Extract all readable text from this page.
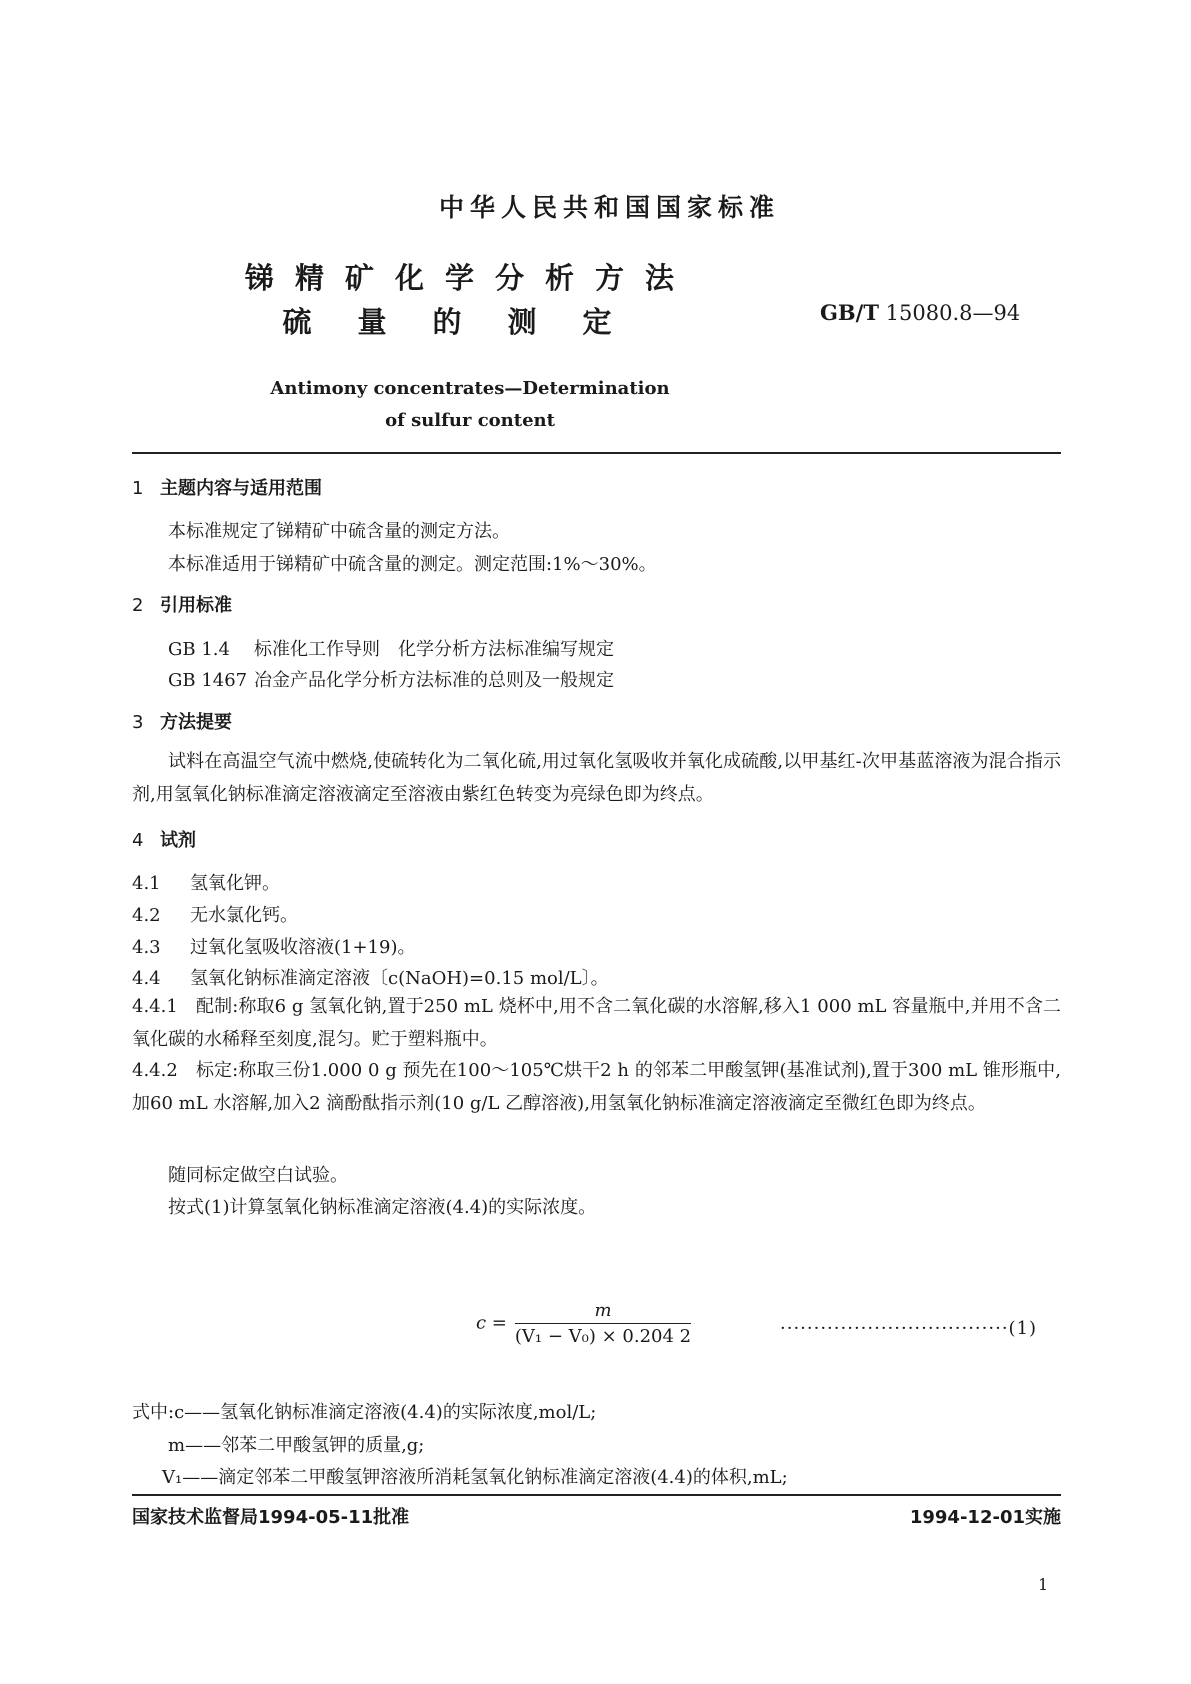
中华人民共和国国家标准
锑精矿化学分析方法
硫量的测定	GB/T 15080.8—94
Antimony concentrates—Determination
of sulfur content
1 主题内容与适用范围
本标准规定了锑精矿中硫含量的测定方法。
本标准适用于锑精矿中硫含量的测定。测定范围:1%～30%。
2 引用标准
GB 1.4 标准化工作导则　化学分析方法标准编写规定
GB 1467 冶金产品化学分析方法标准的总则及一般规定
3 方法提要

试料在高温空气流中燃烧,使硫转化为二氧化硫,用过氧化氢吸收并氧化成硫酸,以甲基红-次甲基蓝溶液为混合指示剂,用氢氧化钠标准滴定溶液滴定至溶液由紫红色转变为亮绿色即为终点。

4 试剂
4.1 氢氧化钾。
4.2 无水氯化钙。
4.3 过氧化氢吸收溶液(1+19)。
4.4 氢氧化钠标准滴定溶液〔c(NaOH)=0.15 mol/L〕。

4.4.1　配制:称取6 g 氢氧化钠,置于250 mL 烧杯中,用不含二氧化碳的水溶解,移入1 000 mL 容量瓶中,并用不含二氧化碳的水稀释至刻度,混匀。贮于塑料瓶中。

4.4.2　标定:称取三份1.000 0 g 预先在100～105℃烘干2 h 的邻苯二甲酸氢钾(基准试剂),置于300 mL 锥形瓶中,加60 mL 水溶解,加入2 滴酚酞指示剂(10 g/L 乙醇溶液),用氢氧化钠标准滴定溶液滴定至微红色即为终点。

随同标定做空白试验。
按式(1)计算氢氧化钠标准滴定溶液(4.4)的实际浓度。
$c = \frac{m}{\text{(V₁ − V₀) × 0.204 2}}$	··································(1)
式中:c——氢氧化钠标准滴定溶液(4.4)的实际浓度,mol/L;
m——邻苯二甲酸氢钾的质量,g;
V₁——滴定邻苯二甲酸氢钾溶液所消耗氢氧化钠标准滴定溶液(4.4)的体积,mL;
国家技术监督局1994-05-11批准	1994-12-01实施
1
